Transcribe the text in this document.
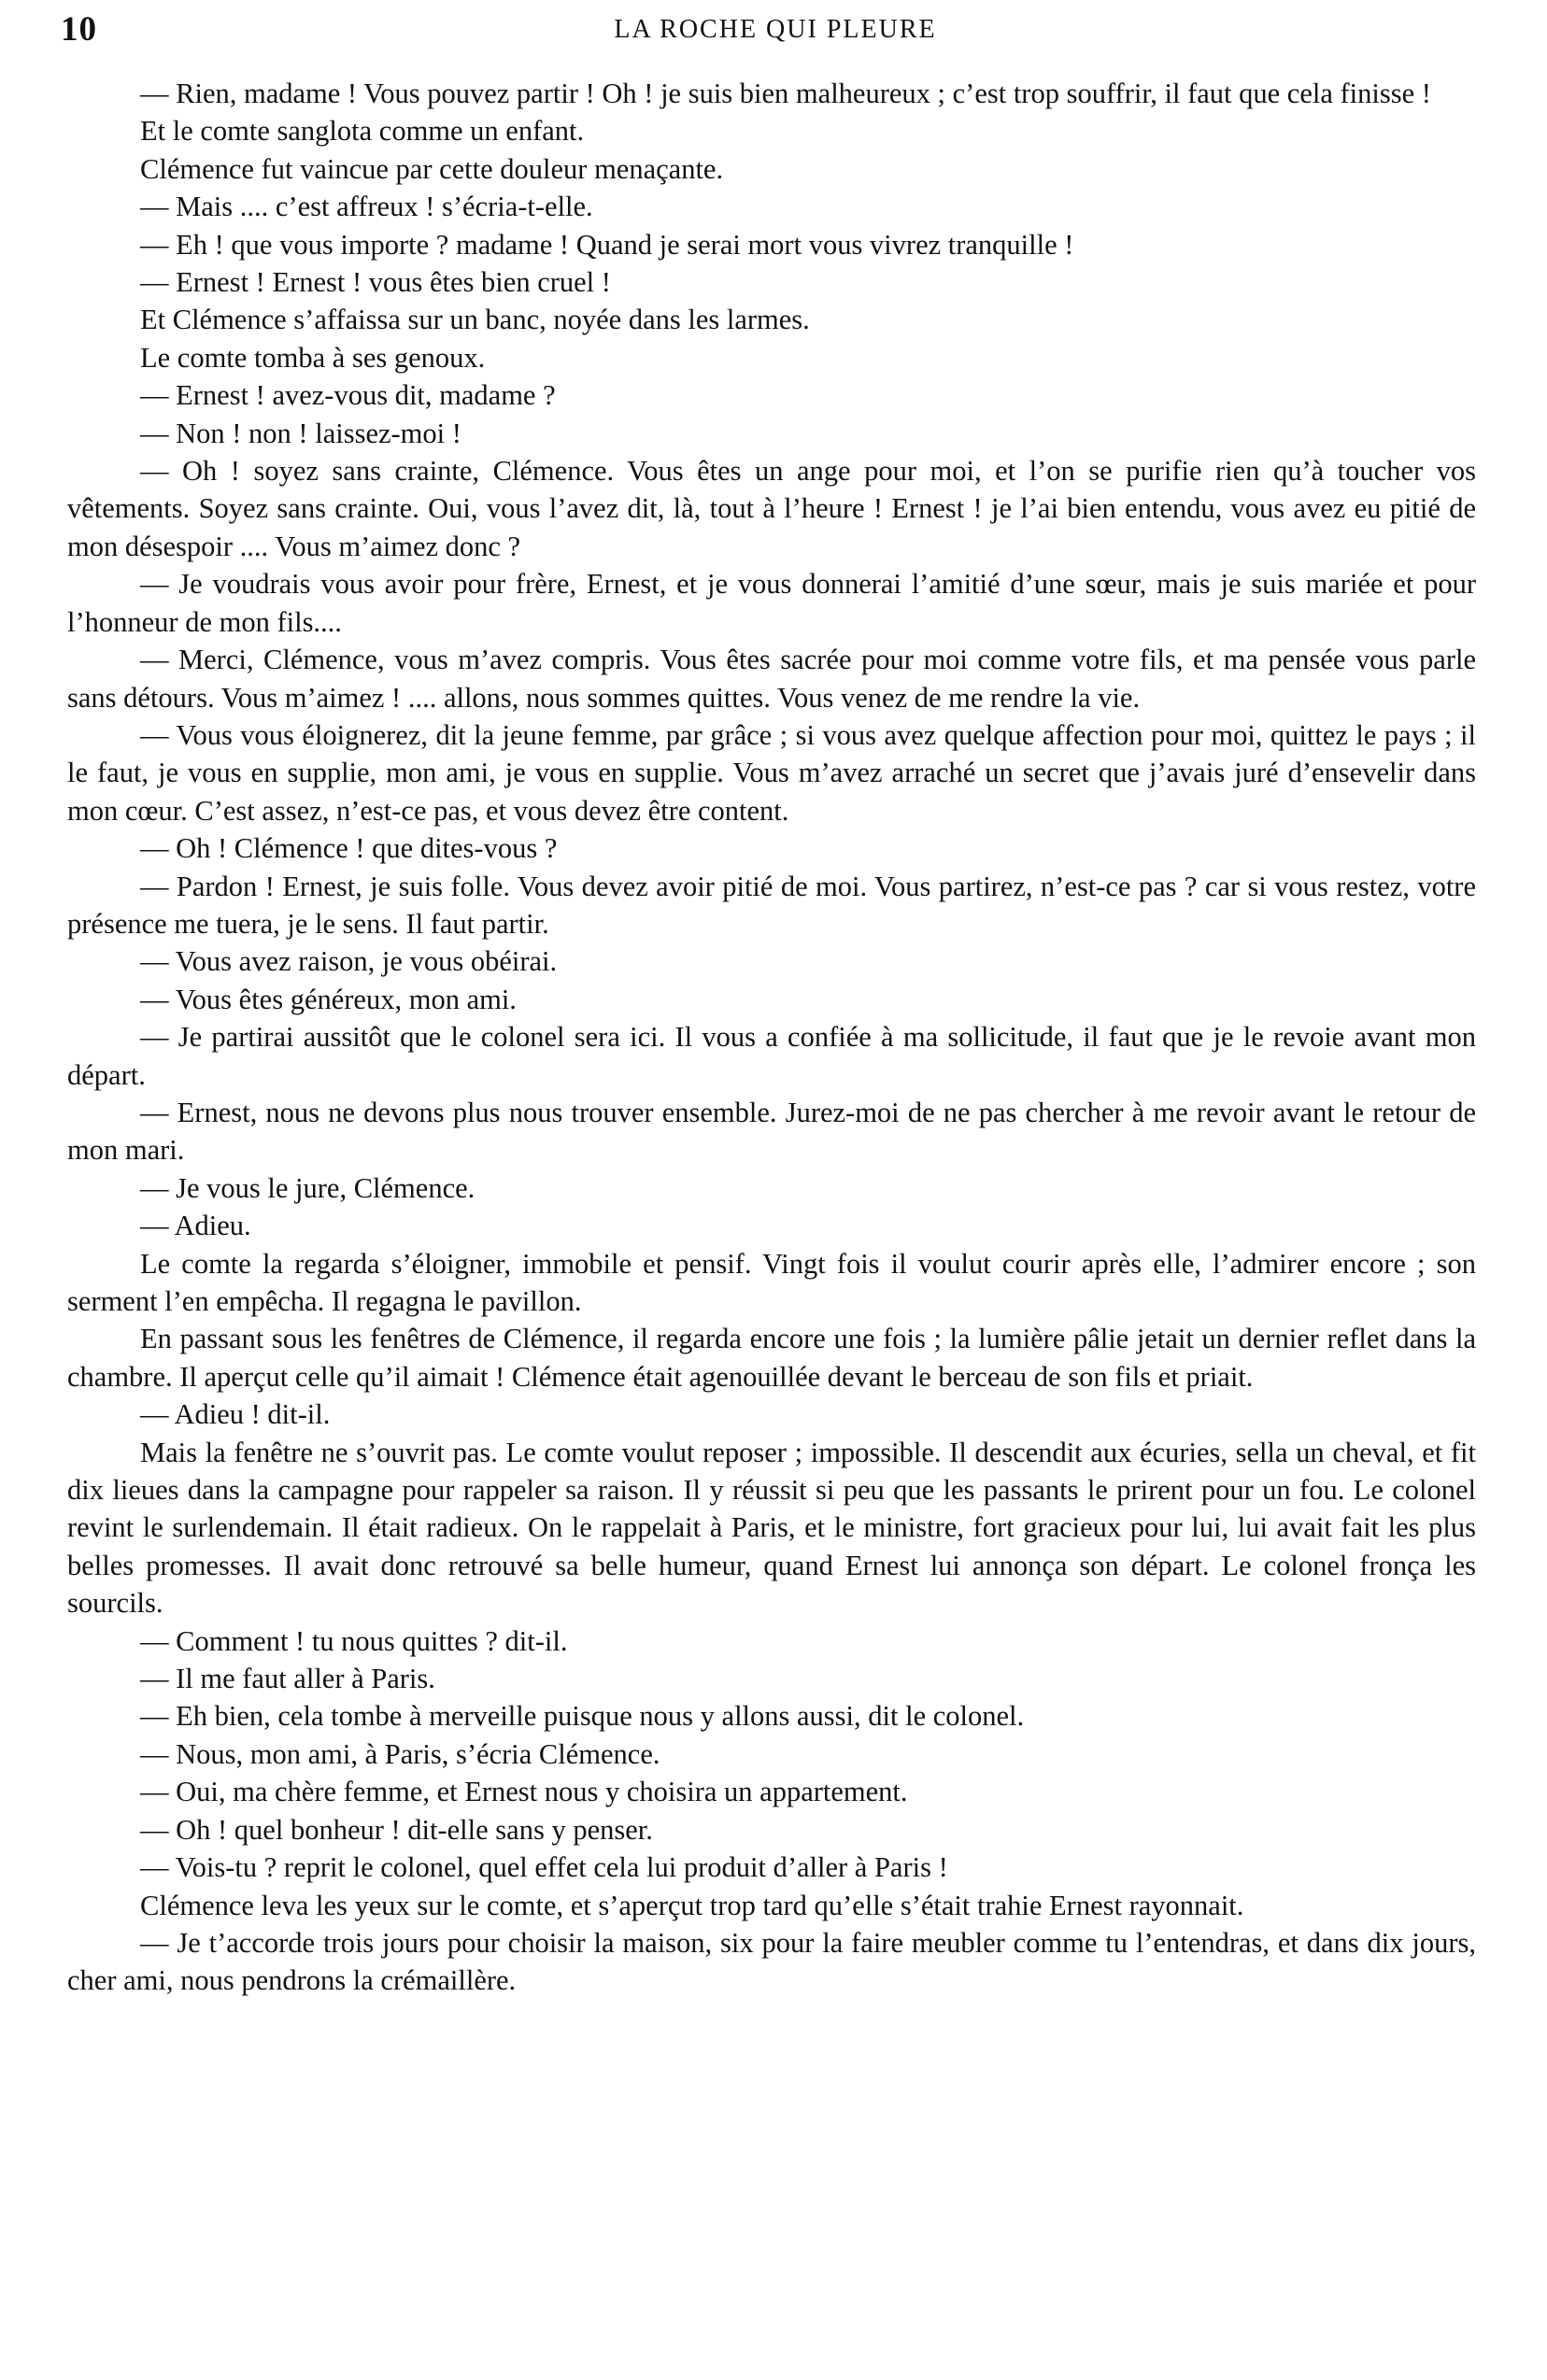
10	LA ROCHE QUI PLEURE

— Rien, madame ! Vous pouvez partir ! Oh ! je suis bien malheureux ; c’est trop souffrir, il faut que cela finisse !

Et le comte sanglota comme un enfant.

Clémence fut vaincue par cette douleur menaçante.

— Mais .... c’est affreux ! s’écria-t-elle.

— Eh ! que vous importe ? madame ! Quand je serai mort vous vivrez tranquille !

— Ernest ! Ernest ! vous êtes bien cruel !

Et Clémence s’affaissa sur un banc, noyée dans les larmes.

Le comte tomba à ses genoux.

— Ernest ! avez-vous dit, madame ?

— Non ! non ! laissez-moi !

— Oh ! soyez sans crainte, Clémence. Vous êtes un ange pour moi, et l’on se purifie rien qu’à toucher vos vêtements. Soyez sans crainte. Oui, vous l’avez dit, là, tout à l’heure ! Ernest ! je l’ai bien entendu, vous avez eu pitié de mon désespoir .... Vous m’aimez donc ?

— Je voudrais vous avoir pour frère, Ernest, et je vous donnerai l’amitié d’une sœur, mais je suis mariée et pour l’honneur de mon fils....

— Merci, Clémence, vous m’avez compris. Vous êtes sacrée pour moi comme votre fils, et ma pensée vous parle sans détours. Vous m’aimez ! .... allons, nous sommes quittes. Vous venez de me rendre la vie.

— Vous vous éloignerez, dit la jeune femme, par grâce ; si vous avez quelque affection pour moi, quittez le pays ; il le faut, je vous en supplie, mon ami, je vous en supplie. Vous m’avez arraché un secret que j’avais juré d’ensevelir dans mon cœur. C’est assez, n’est-ce pas, et vous devez être content.

— Oh ! Clémence ! que dites-vous ?

— Pardon ! Ernest, je suis folle. Vous devez avoir pitié de moi. Vous partirez, n’est-ce pas ? car si vous restez, votre présence me tuera, je le sens. Il faut partir.

— Vous avez raison, je vous obéirai.

— Vous êtes généreux, mon ami.

— Je partirai aussitôt que le colonel sera ici. Il vous a confiée à ma sollicitude, il faut que je le revoie avant mon départ.

— Ernest, nous ne devons plus nous trouver ensemble. Jurez-moi de ne pas chercher à me revoir avant le retour de mon mari.

— Je vous le jure, Clémence.

— Adieu.

Le comte la regarda s’éloigner, immobile et pensif. Vingt fois il voulut courir après elle, l’admirer encore ; son serment l’en empêcha. Il regagna le pavillon.

En passant sous les fenêtres de Clémence, il regarda encore une fois ; la lumière pâlie jetait un dernier reflet dans la chambre. Il aperçut celle qu’il aimait ! Clémence était agenouillée devant le berceau de son fils et priait.

— Adieu ! dit-il.

Mais la fenêtre ne s’ouvrit pas. Le comte voulut reposer ; impossible. Il descendit aux écuries, sella un cheval, et fit dix lieues dans la campagne pour rappeler sa raison. Il y réussit si peu que les passants le prirent pour un fou. Le colonel revint le surlendemain. Il était radieux. On le rappelait à Paris, et le ministre, fort gracieux pour lui, lui avait fait les plus belles promesses. Il avait donc retrouvé sa belle humeur, quand Ernest lui annonça son départ. Le colonel fronça les sourcils.

— Comment ! tu nous quittes ? dit-il.

— Il me faut aller à Paris.

— Eh bien, cela tombe à merveille puisque nous y allons aussi, dit le colonel.

— Nous, mon ami, à Paris, s’écria Clémence.

— Oui, ma chère femme, et Ernest nous y choisira un appartement.

— Oh ! quel bonheur ! dit-elle sans y penser.

— Vois-tu ? reprit le colonel, quel effet cela lui produit d’aller à Paris !

Clémence leva les yeux sur le comte, et s’aperçut trop tard qu’elle s’était trahie Ernest rayonnait.

— Je t’accorde trois jours pour choisir la maison, six pour la faire meubler comme tu l’entendras, et dans dix jours, cher ami, nous pendrons la crémaillère.
